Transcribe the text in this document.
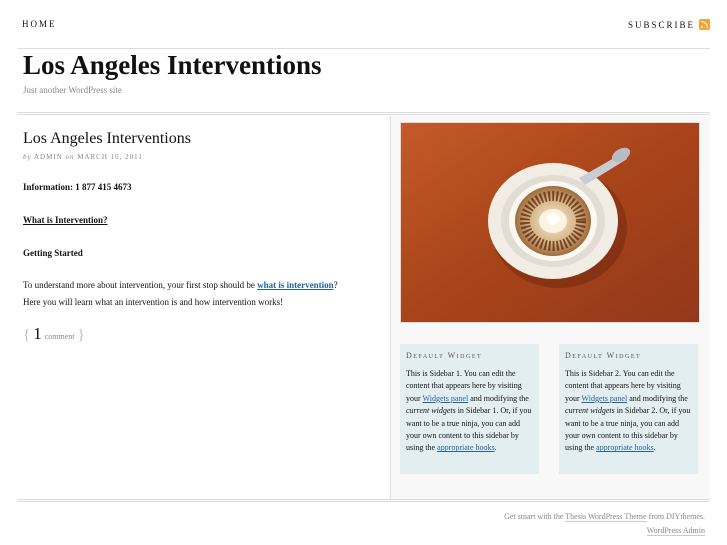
HOME	SUBSCRIBE
Los Angeles Interventions
Just another WordPress site
Los Angeles Interventions
by ADMIN on MARCH 10, 2011
Information: 1 877 415 4673
What is Intervention?
Getting Started
To understand more about intervention, your first stop should be what is intervention?
Here you will learn what an intervention is and how intervention works!
{ 1 comment }
Default Widget
This is Sidebar 1. You can edit the content that appears here by visiting your Widgets panel and modifying the current widgets in Sidebar 1. Or, if you want to be a true ninja, you can add your own content to this sidebar by using the appropriate hooks.
Default Widget
This is Sidebar 2. You can edit the content that appears here by visiting your Widgets panel and modifying the current widgets in Sidebar 2. Or, if you want to be a true ninja, you can add your own content to this sidebar by using the appropriate hooks.
Get smart with the Thesis WordPress Theme from DIYthemes.
WordPress Admin
